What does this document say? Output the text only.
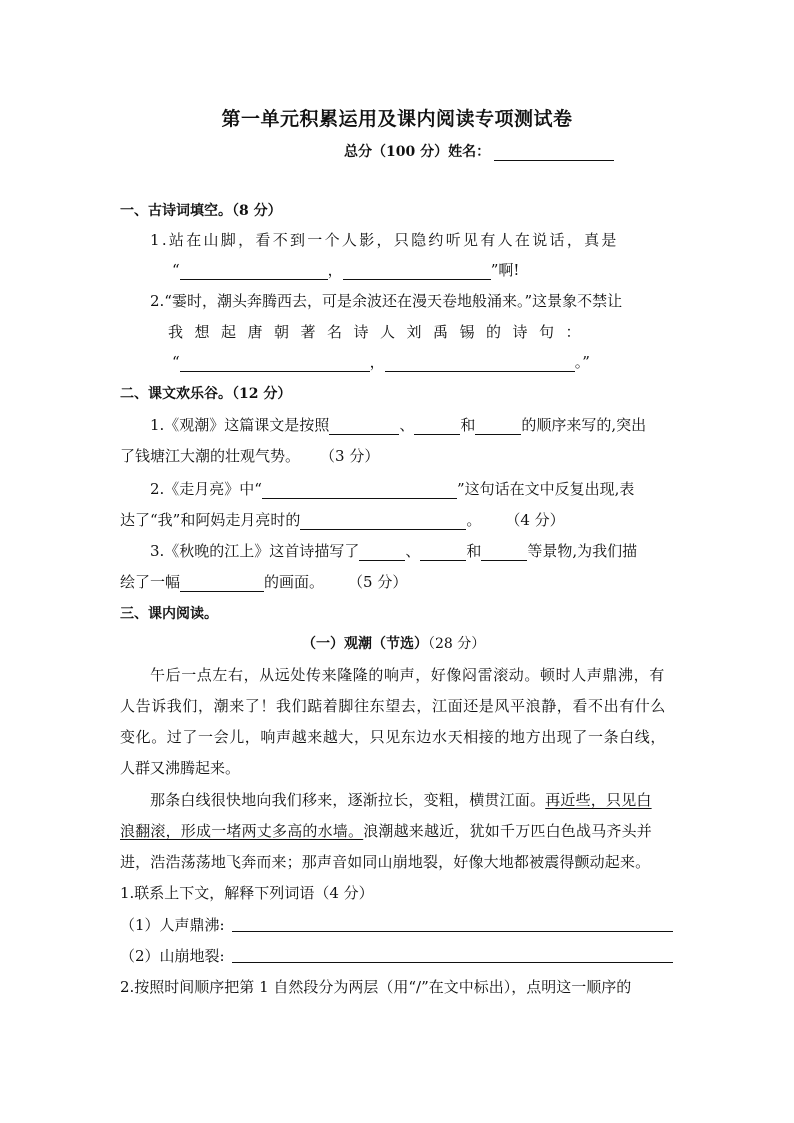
第一单元积累运用及课内阅读专项测试卷
总分（100 分）姓名：
一、古诗词填空。（8 分）
1.站在山脚，看不到一个人影，只隐约听见有人在说话，真是
“	，	”啊!
2.“霎时，潮头奔腾西去，可是余波还在漫天卷地般涌来。”这景象不禁让
我想起唐朝著名诗人刘禹锡的诗句：
“	，	。”
二、课文欢乐谷。（12 分）
1.《观潮》这篇课文是按照	、	和	的顺序来写的,突出
了钱塘江大潮的壮观气势。 （3 分）
2.《走月亮》中“	”这句话在文中反复出现,表
达了“我”和阿妈走月亮时的	。 （4 分）
3.《秋晚的江上》这首诗描写了	、	和	等景物,为我们描
绘了一幅	的画面。 （5 分）
三、课内阅读。
（一）观潮（节选）（28 分）
午后一点左右，从远处传来隆隆的响声，好像闷雷滚动。顿时人声鼎沸，有
人告诉我们，潮来了！我们踮着脚往东望去，江面还是风平浪静，看不出有什么
变化。过了一会儿，响声越来越大，只见东边水天相接的地方出现了一条白线，
人群又沸腾起来。
那条白线很快地向我们移来，逐渐拉长，变粗，横贯江面。再近些，只见白
浪翻滚，形成一堵两丈多高的水墙。浪潮越来越近，犹如千万匹白色战马齐头并
进，浩浩荡荡地飞奔而来；那声音如同山崩地裂，好像大地都被震得颤动起来。
1.联系上下文，解释下列词语（4 分）
（1）人声鼎沸:
（2）山崩地裂:
2.按照时间顺序把第 1 自然段分为两层（用“/”在文中标出），点明这一顺序的
